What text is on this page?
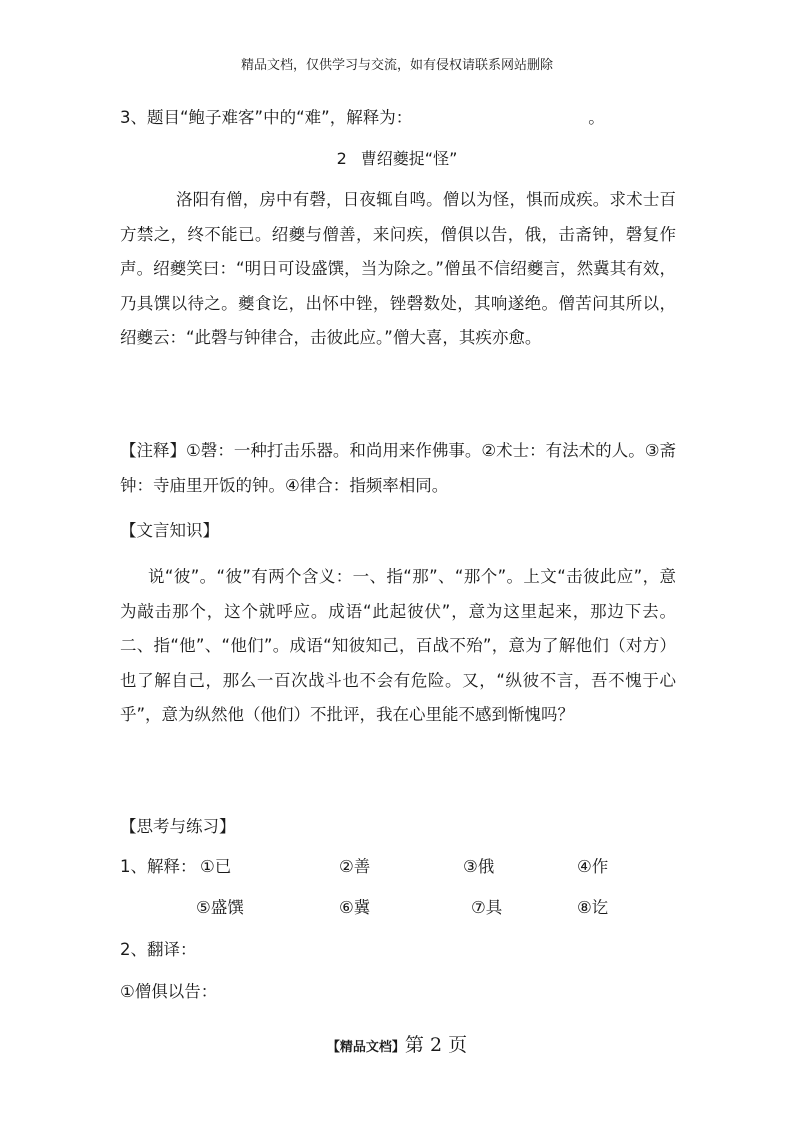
精品文档，仅供学习与交流，如有侵权请联系网站删除
3、题目“鲍子难客”中的“难”，解释为：	。
2 曹绍夔捉“怪”

洛阳有僧，房中有磬，日夜辄自鸣。僧以为怪，惧而成疾。求术士百方禁之，终不能已。绍夔与僧善，来问疾，僧俱以告，俄，击斋钟，磬复作声。绍夔笑曰：“明日可设盛馔，当为除之。”僧虽不信绍夔言，然冀其有效，乃具馔以待之。夔食讫，出怀中锉，锉磬数处，其响遂绝。僧苦问其所以，绍夔云：“此磬与钟律合，击彼此应。”僧大喜，其疾亦愈。

【注释】①磬：一种打击乐器。和尚用来作佛事。②术士：有法术的人。③斋钟：寺庙里开饭的钟。④律合：指频率相同。

【文言知识】

说“彼”。“彼”有两个含义：一、指“那”、“那个”。上文“击彼此应”，意为敲击那个，这个就呼应。成语“此起彼伏”，意为这里起来，那边下去。二、指“他”、“他们”。成语“知彼知己，百战不殆”，意为了解他们（对方）也了解自己，那么一百次战斗也不会有危险。又，“纵彼不言，吾不愧于心乎”，意为纵然他（他们）不批评，我在心里能不感到惭愧吗？

【思考与练习】
1、解释： ①已	②善	③俄	④作
⑤盛馔	⑥冀	⑦具	⑧讫
2、翻译：
①僧俱以告：
【精品文档】第 2 页
